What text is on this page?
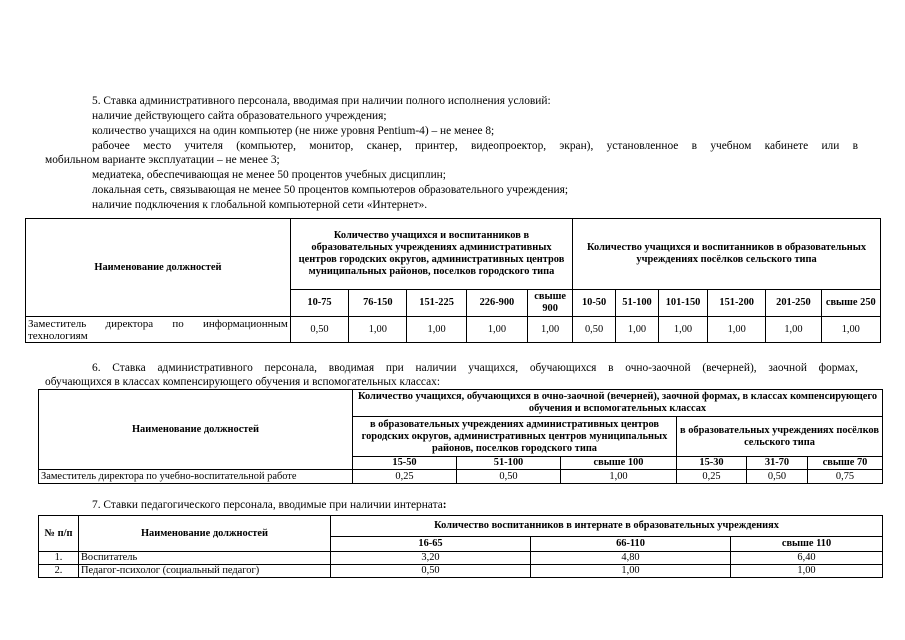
5. Ставка административного персонала, вводимая при наличии полного исполнения условий:
наличие действующего сайта образовательного учреждения;
количество учащихся на один компьютер (не ниже уровня Pentium-4) – не менее 8;
рабочее место учителя (компьютер, монитор, сканер, принтер, видеопроектор, экран), установленное в учебном кабинете или в
мобильном варианте эксплуатации – не менее 3;
медиатека, обеспечивающая не менее 50 процентов учебных дисциплин;
локальная сеть, связывающая не менее 50 процентов компьютеров образовательного учреждения;
наличие подключения к глобальной компьютерной сети «Интернет».
Наименование должностей	Количество учащихся и воспитанников в образовательных учреждениях административных центров городских округов, административных центров муниципальных районов, поселков городского типа					Количество учащихся и воспитанников в образовательных учреждениях посёлков сельского типа					
	10-75	76-150	151-225	226-900	свыше 900	10-50	51-100	101-150	151-200	201-250	свыше 250
Заместитель директора по информационным технологиям	0,50	1,00	1,00	1,00	1,00	0,50	1,00	1,00	1,00	1,00	1,00
6. Ставка административного персонала, вводимая при наличии учащихся, обучающихся в очно-заочной (вечерней), заочной формах,
обучающихся в классах компенсирующего обучения и вспомогательных классах:
Наименование должностей	Количество учащихся, обучающихся в очно-заочной (вечерней), заочной формах, в классах компенсирующего обучения и вспомогательных классах					
	в образовательных учреждениях административных центров городских округов, административных центров муниципальных районов, поселков городского типа			в образовательных учреждениях посёлков сельского типа		
	15-50	51-100	свыше 100	15-30	31-70	свыше 70
Заместитель директора по учебно-воспитательной работе	0,25	0,50	1,00	0,25	0,50	0,75
7. Ставки педагогического персонала, вводимые при наличии интерната:
№ п/п	Наименование должностей	Количество воспитанников в интернате в образовательных учреждениях		
		16-65	66-110	свыше 110
1.	Воспитатель	3,20	4,80	6,40
2.	Педагог-психолог (социальный педагог)	0,50	1,00	1,00
